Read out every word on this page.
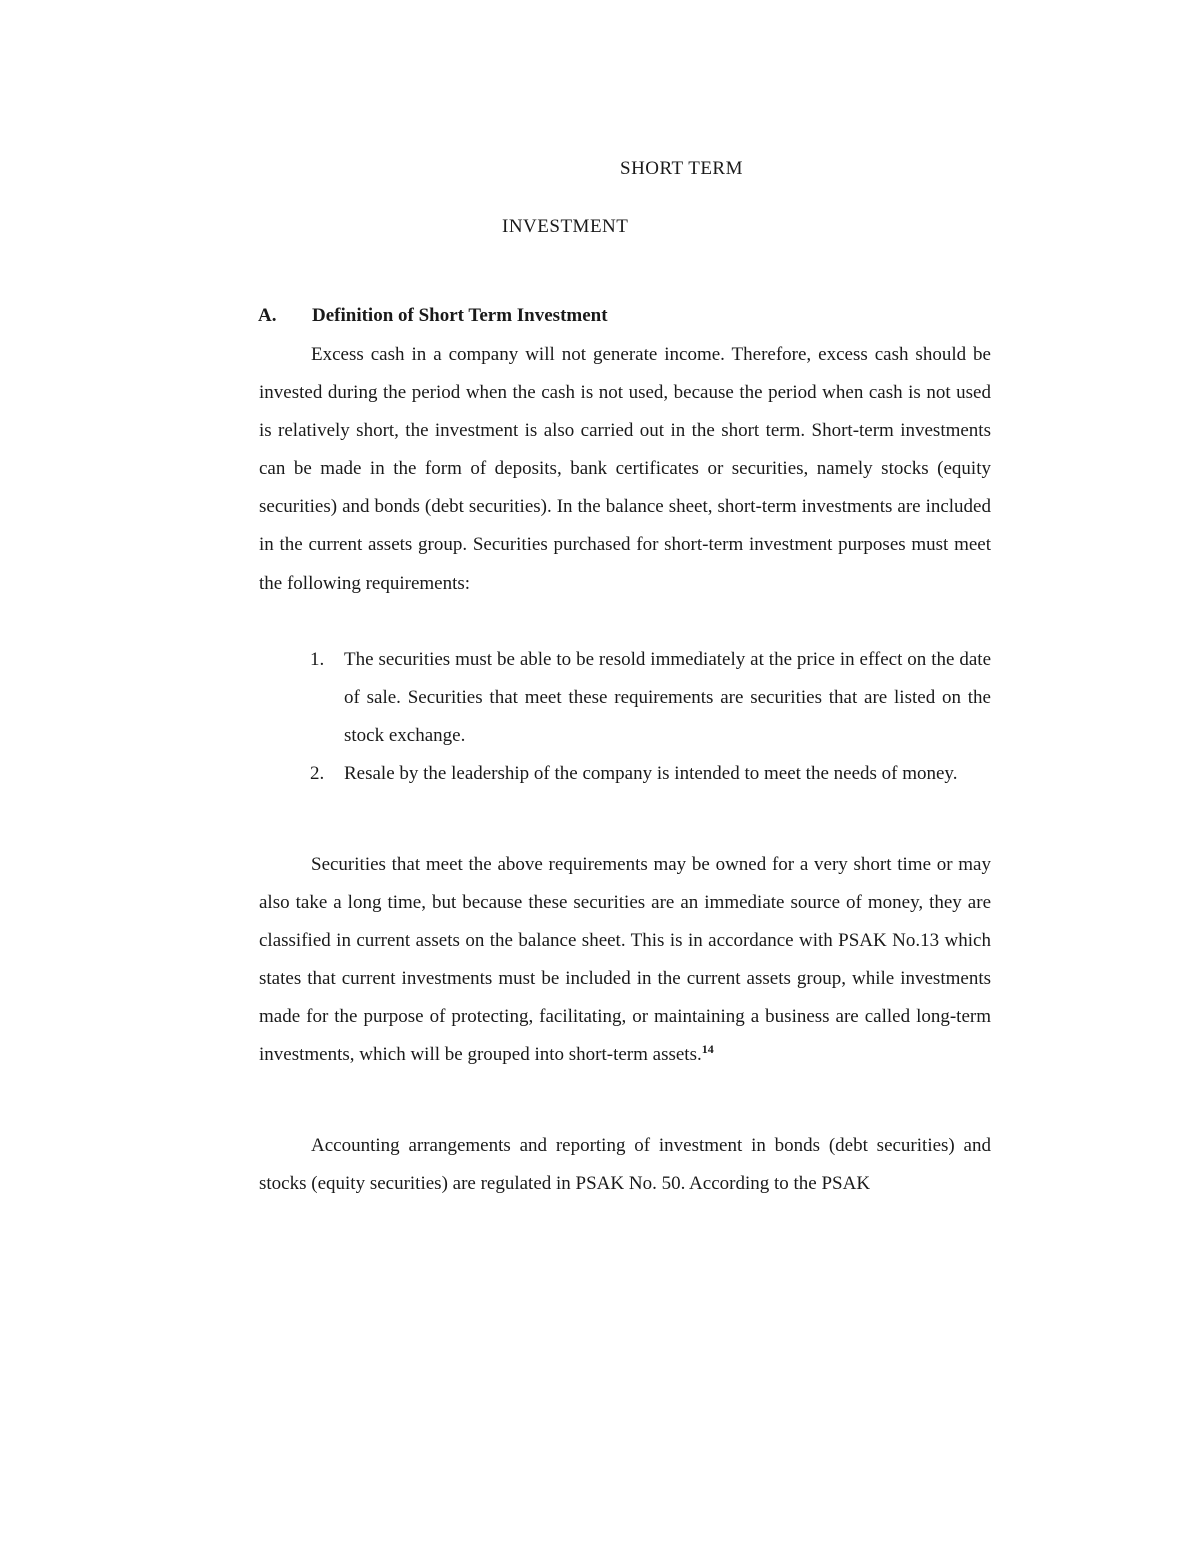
SHORT TERM
INVESTMENT
A. Definition of Short Term Investment
Excess cash in a company will not generate income. Therefore, excess cash should be invested during the period when the cash is not used, because the period when cash is not used is relatively short, the investment is also carried out in the short term. Short-term investments can be made in the form of deposits, bank certificates or securities, namely stocks (equity securities) and bonds (debt securities). In the balance sheet, short-term investments are included in the current assets group. Securities purchased for short-term investment purposes must meet the following requirements:
1. The securities must be able to be resold immediately at the price in effect on the date of sale. Securities that meet these requirements are securities that are listed on the stock exchange.
2. Resale by the leadership of the company is intended to meet the needs of money.
Securities that meet the above requirements may be owned for a very short time or may also take a long time, but because these securities are an immediate source of money, they are classified in current assets on the balance sheet. This is in accordance with PSAK No.13 which states that current investments must be included in the current assets group, while investments made for the purpose of protecting, facilitating, or maintaining a business are called long-term investments, which will be grouped into short-term assets.$^{14}$
Accounting arrangements and reporting of investment in bonds (debt securities) and stocks (equity securities) are regulated in PSAK No. 50. According to the PSAK
